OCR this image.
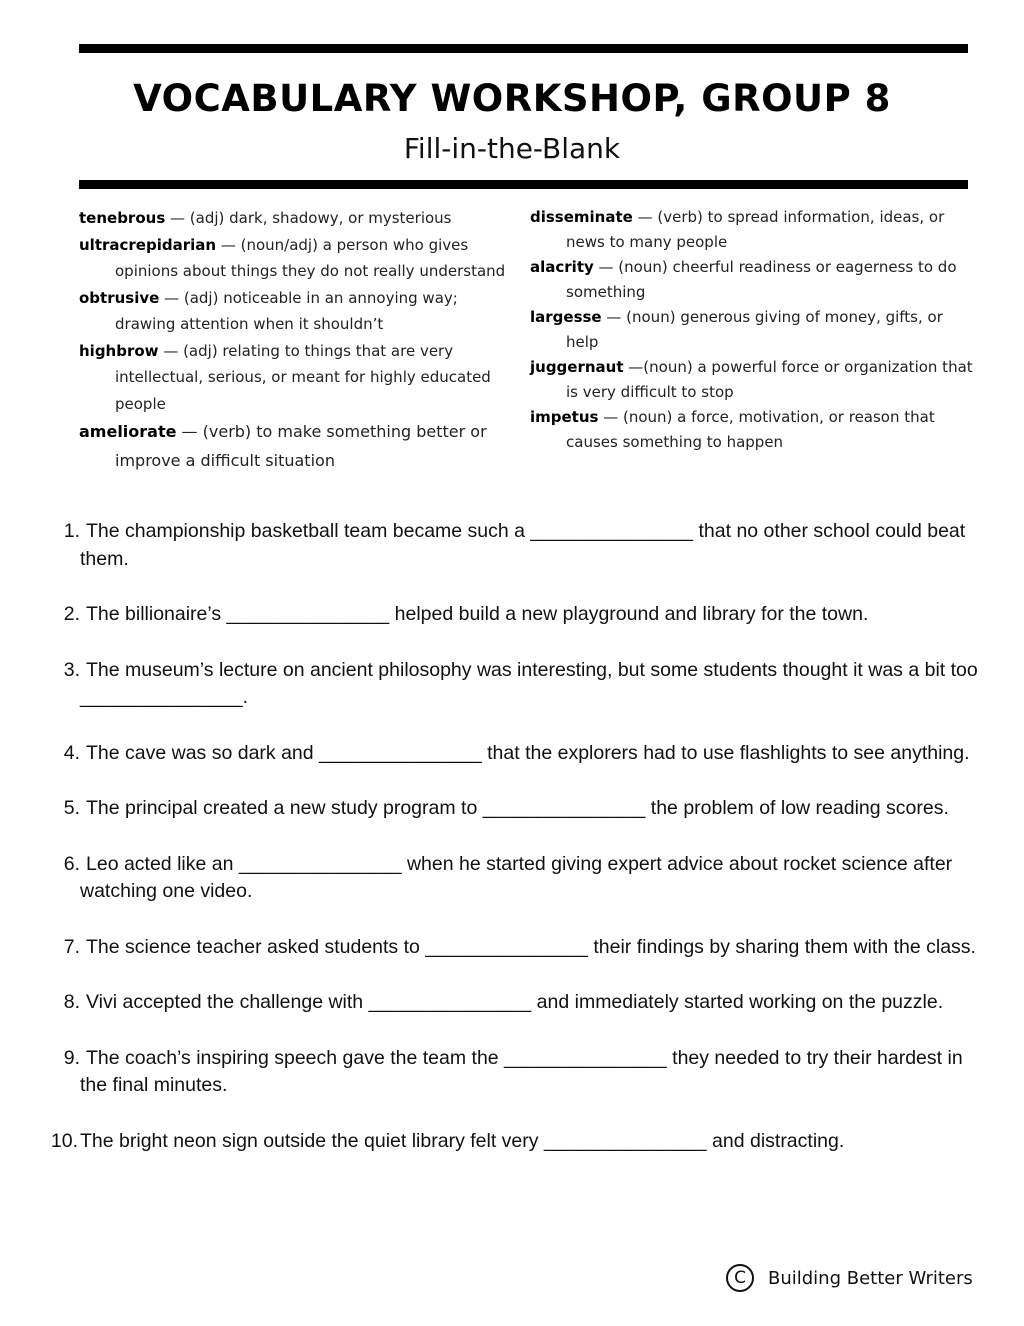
VOCABULARY WORKSHOP, GROUP 8
Fill-in-the-Blank
tenebrous — (adj) dark, shadowy, or mysterious
ultracrepidarian — (noun/adj) a person who gives opinions about things they do not really understand
obtrusive — (adj) noticeable in an annoying way; drawing attention when it shouldn’t
highbrow — (adj) relating to things that are very intellectual, serious, or meant for highly educated people
ameliorate — (verb) to make something better or improve a difficult situation
disseminate — (verb) to spread information, ideas, or news to many people
alacrity — (noun) cheerful readiness or eagerness to do something
largesse — (noun) generous giving of money, gifts, or help
juggernaut —(noun) a powerful force or organization that is very difficult to stop
impetus — (noun) a force, motivation, or reason that causes something to happen
1. The championship basketball team became such a _______________ that no other school could beat them.
2. The billionaire’s _______________ helped build a new playground and library for the town.
3. The museum’s lecture on ancient philosophy was interesting, but some students thought it was a bit too _______________.
4. The cave was so dark and _______________ that the explorers had to use flashlights to see anything.
5. The principal created a new study program to _______________ the problem of low reading scores.
6. Leo acted like an _______________ when he started giving expert advice about rocket science after watching one video.
7. The science teacher asked students to _______________ their findings by sharing them with the class.
8. Vivi accepted the challenge with _______________ and immediately started working on the puzzle.
9. The coach’s inspiring speech gave the team the _______________ they needed to try their hardest in the final minutes.
10. The bright neon sign outside the quiet library felt very _______________ and distracting.
C	Building Better Writers
